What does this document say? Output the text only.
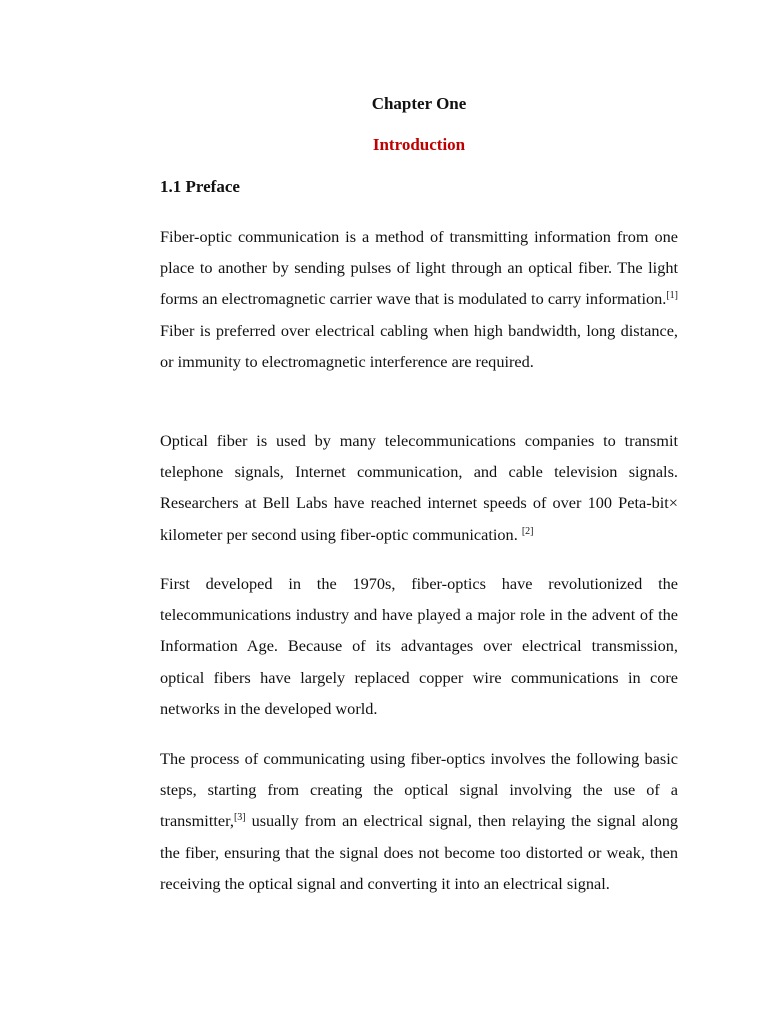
Chapter One
Introduction
1.1 Preface

Fiber-optic communication is a method of transmitting information from one place to another by sending pulses of light through an optical fiber. The light forms an electromagnetic carrier wave that is modulated to carry information.[1] Fiber is preferred over electrical cabling when high bandwidth, long distance, or immunity to electromagnetic interference are required.

Optical fiber is used by many telecommunications companies to transmit telephone signals, Internet communication, and cable television signals. Researchers at Bell Labs have reached internet speeds of over 100 Peta-bit× kilometer per second using fiber-optic communication. [2]

First developed in the 1970s, fiber-optics have revolutionized the telecommunications industry and have played a major role in the advent of the Information Age. Because of its advantages over electrical transmission, optical fibers have largely replaced copper wire communications in core networks in the developed world.

The process of communicating using fiber-optics involves the following basic steps, starting from creating the optical signal involving the use of a transmitter,[3] usually from an electrical signal, then relaying the signal along the fiber, ensuring that the signal does not become too distorted or weak, then receiving the optical signal and converting it into an electrical signal.
